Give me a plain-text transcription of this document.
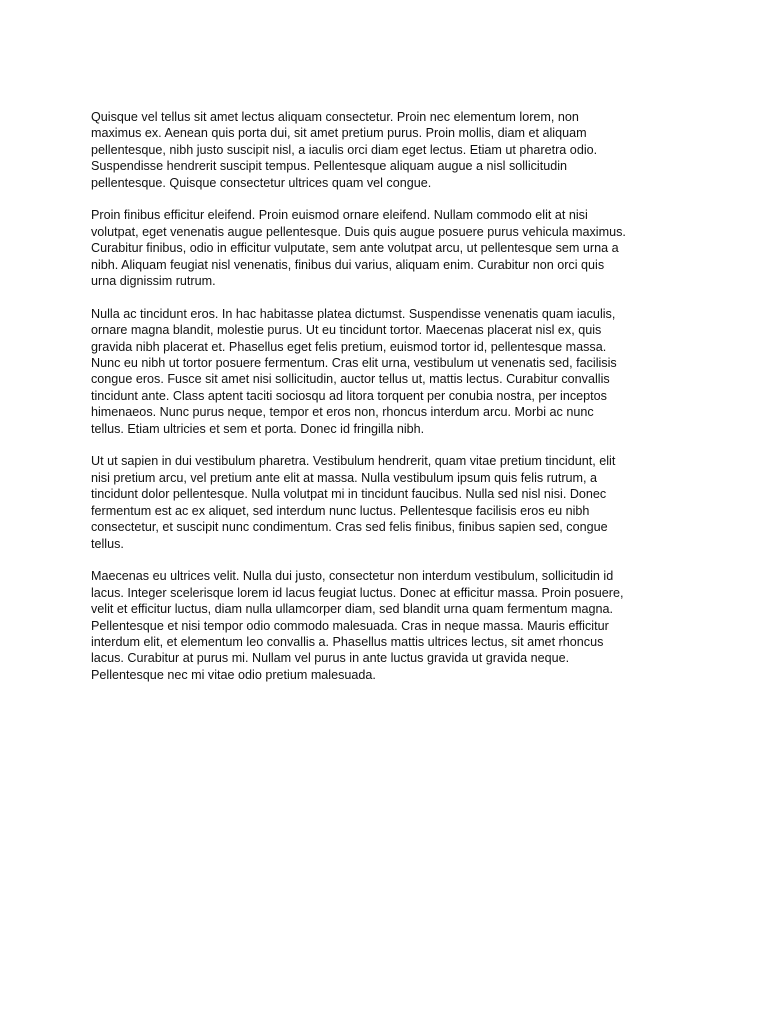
Quisque vel tellus sit amet lectus aliquam consectetur. Proin nec elementum lorem, non
maximus ex. Aenean quis porta dui, sit amet pretium purus. Proin mollis, diam et aliquam
pellentesque, nibh justo suscipit nisl, a iaculis orci diam eget lectus. Etiam ut pharetra odio.
Suspendisse hendrerit suscipit tempus. Pellentesque aliquam augue a nisl sollicitudin
pellentesque. Quisque consectetur ultrices quam vel congue.

Proin finibus efficitur eleifend. Proin euismod ornare eleifend. Nullam commodo elit at nisi
volutpat, eget venenatis augue pellentesque. Duis quis augue posuere purus vehicula maximus.
Curabitur finibus, odio in efficitur vulputate, sem ante volutpat arcu, ut pellentesque sem urna a
nibh. Aliquam feugiat nisl venenatis, finibus dui varius, aliquam enim. Curabitur non orci quis
urna dignissim rutrum.

Nulla ac tincidunt eros. In hac habitasse platea dictumst. Suspendisse venenatis quam iaculis,
ornare magna blandit, molestie purus. Ut eu tincidunt tortor. Maecenas placerat nisl ex, quis
gravida nibh placerat et. Phasellus eget felis pretium, euismod tortor id, pellentesque massa.
Nunc eu nibh ut tortor posuere fermentum. Cras elit urna, vestibulum ut venenatis sed, facilisis
congue eros. Fusce sit amet nisi sollicitudin, auctor tellus ut, mattis lectus. Curabitur convallis
tincidunt ante. Class aptent taciti sociosqu ad litora torquent per conubia nostra, per inceptos
himenaeos. Nunc purus neque, tempor et eros non, rhoncus interdum arcu. Morbi ac nunc
tellus. Etiam ultricies et sem et porta. Donec id fringilla nibh.

Ut ut sapien in dui vestibulum pharetra. Vestibulum hendrerit, quam vitae pretium tincidunt, elit
nisi pretium arcu, vel pretium ante elit at massa. Nulla vestibulum ipsum quis felis rutrum, a
tincidunt dolor pellentesque. Nulla volutpat mi in tincidunt faucibus. Nulla sed nisl nisi. Donec
fermentum est ac ex aliquet, sed interdum nunc luctus. Pellentesque facilisis eros eu nibh
consectetur, et suscipit nunc condimentum. Cras sed felis finibus, finibus sapien sed, congue
tellus.

Maecenas eu ultrices velit. Nulla dui justo, consectetur non interdum vestibulum, sollicitudin id
lacus. Integer scelerisque lorem id lacus feugiat luctus. Donec at efficitur massa. Proin posuere,
velit et efficitur luctus, diam nulla ullamcorper diam, sed blandit urna quam fermentum magna.
Pellentesque et nisi tempor odio commodo malesuada. Cras in neque massa. Mauris efficitur
interdum elit, et elementum leo convallis a. Phasellus mattis ultrices lectus, sit amet rhoncus
lacus. Curabitur at purus mi. Nullam vel purus in ante luctus gravida ut gravida neque.
Pellentesque nec mi vitae odio pretium malesuada.
